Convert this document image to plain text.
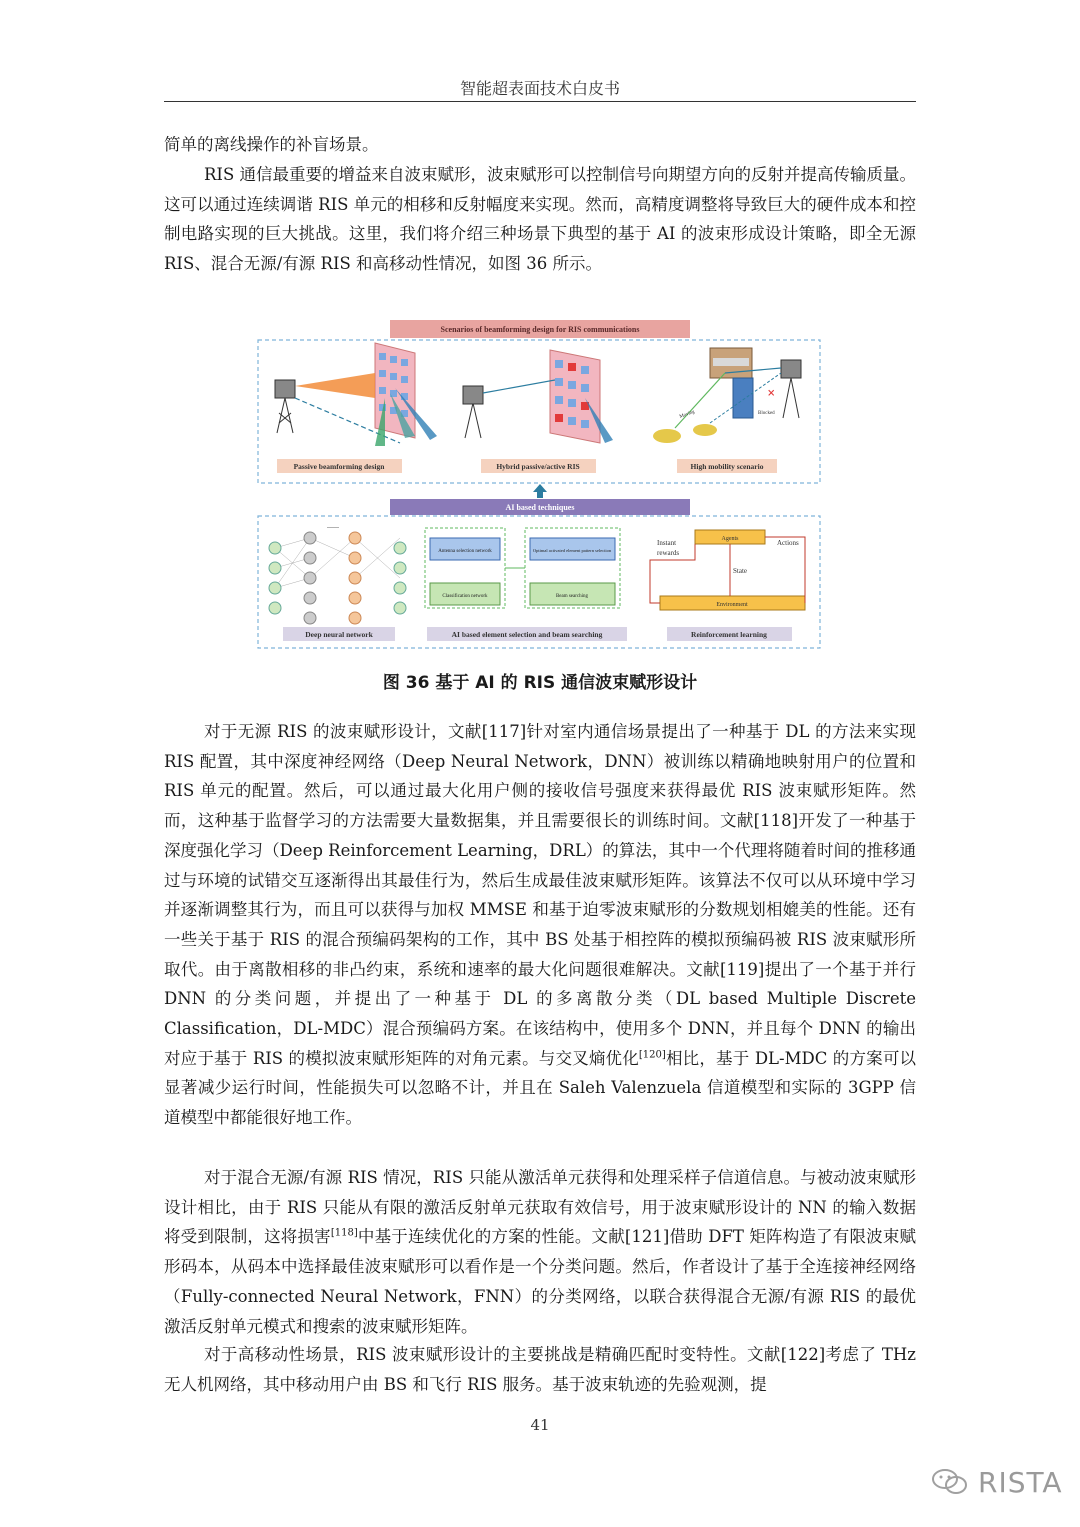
智能超表面技术白皮书

简单的离线操作的补盲场景。

RIS 通信最重要的增益来自波束赋形，波束赋形可以控制信号向期望方向的反射并提高传输质量。这可以通过连续调谐 RIS 单元的相移和反射幅度来实现。然而，高精度调整将导致巨大的硬件成本和控制电路实现的巨大挑战。这里，我们将介绍三种场景下典型的基于 AI 的波束形成设计策略，即全无源 RIS、混合无源/有源 RIS 和高移动性情况，如图 36 所示。

Scenarios of beamforming design for RIS communications
Passive beamforming design	Hybrid passive/active RIS
×
Moving	Blocked
High mobility scenario
AI based techniques
......
Deep neural network
Antenna selection network	Optimal activated element pattern selection
Classification network	Beam searching
AI based element selection and beam searching
Agents
Environment
Instant
rewards
Actions
State
Reinforcement learning
图 36 基于 AI 的 RIS 通信波束赋形设计

对于无源 RIS 的波束赋形设计，文献[117]针对室内通信场景提出了一种基于 DL 的方法来实现 RIS 配置，其中深度神经网络（Deep Neural Network，DNN）被训练以精确地映射用户的位置和 RIS 单元的配置。然后，可以通过最大化用户侧的接收信号强度来获得最优 RIS 波束赋形矩阵。然而，这种基于监督学习的方法需要大量数据集，并且需要很长的训练时间。文献[118]开发了一种基于深度强化学习（Deep Reinforcement Learning，DRL）的算法，其中一个代理将随着时间的推移通过与环境的试错交互逐渐得出其最佳行为，然后生成最佳波束赋形矩阵。该算法不仅可以从环境中学习并逐渐调整其行为，而且可以获得与加权 MMSE 和基于迫零波束赋形的分数规划相媲美的性能。还有一些关于基于 RIS 的混合预编码架构的工作，其中 BS 处基于相控阵的模拟预编码被 RIS 波束赋形所取代。由于离散相移的非凸约束，系统和速率的最大化问题很难解决。文献[119]提出了一个基于并行 DNN 的分类问题，并提出了一种基于 DL 的多离散分类（DL based Multiple Discrete Classification，DL-MDC）混合预编码方案。在该结构中，使用多个 DNN，并且每个 DNN 的输出对应于基于 RIS 的模拟波束赋形矩阵的对角元素。与交叉熵优化[120]相比，基于 DL-MDC 的方案可以显著减少运行时间，性能损失可以忽略不计，并且在 Saleh Valenzuela 信道模型和实际的 3GPP 信道模型中都能很好地工作。

对于混合无源/有源 RIS 情况，RIS 只能从激活单元获得和处理采样子信道信息。与被动波束赋形设计相比，由于 RIS 只能从有限的激活反射单元获取有效信号，用于波束赋形设计的 NN 的输入数据将受到限制，这将损害[118]中基于连续优化的方案的性能。文献[121]借助 DFT 矩阵构造了有限波束赋形码本，从码本中选择最佳波束赋形可以看作是一个分类问题。然后，作者设计了基于全连接神经网络（Fully-connected Neural Network，FNN）的分类网络，以联合获得混合无源/有源 RIS 的最优激活反射单元模式和搜索的波束赋形矩阵。

对于高移动性场景，RIS 波束赋形设计的主要挑战是精确匹配时变特性。文献[122]考虑了 THz 无人机网络，其中移动用户由 BS 和飞行 RIS 服务。基于波束轨迹的先验观测，提

41
RISTA
